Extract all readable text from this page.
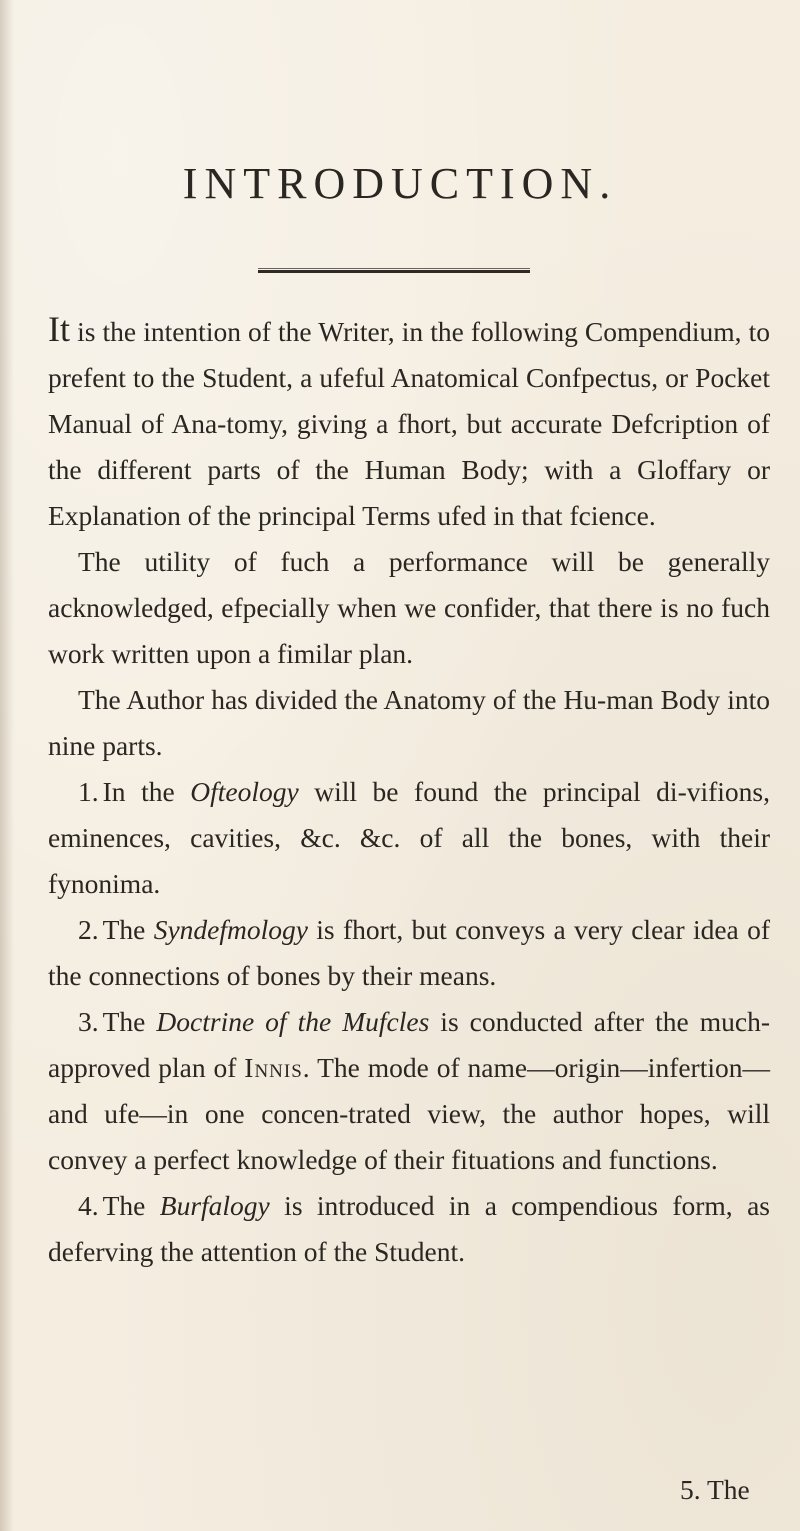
INTRODUCTION.

It is the intention of the Writer, in the following Compendium, to prefent to the Student, a ufeful Anatomical Confpectus, or Pocket Manual of Ana-tomy, giving a fhort, but accurate Defcription of the different parts of the Human Body; with a Gloffary or Explanation of the principal Terms ufed in that fcience.

The utility of fuch a performance will be generally acknowledged, efpecially when we confider, that there is no fuch work written upon a fimilar plan.

The Author has divided the Anatomy of the Hu-man Body into nine parts.

1. In the Ofteology will be found the principal di-vifions, eminences, cavities, &c. &c. of all the bones, with their fynonima.

2. The Syndefmology is fhort, but conveys a very clear idea of the connections of bones by their means.

3. The Doctrine of the Mufcles is conducted after the much-approved plan of Innis. The mode of name—origin—infertion—and ufe—in one concen-trated view, the author hopes, will convey a perfect knowledge of their fituations and functions.

4. The Burfalogy is introduced in a compendious form, as deferving the attention of the Student.

5. The
